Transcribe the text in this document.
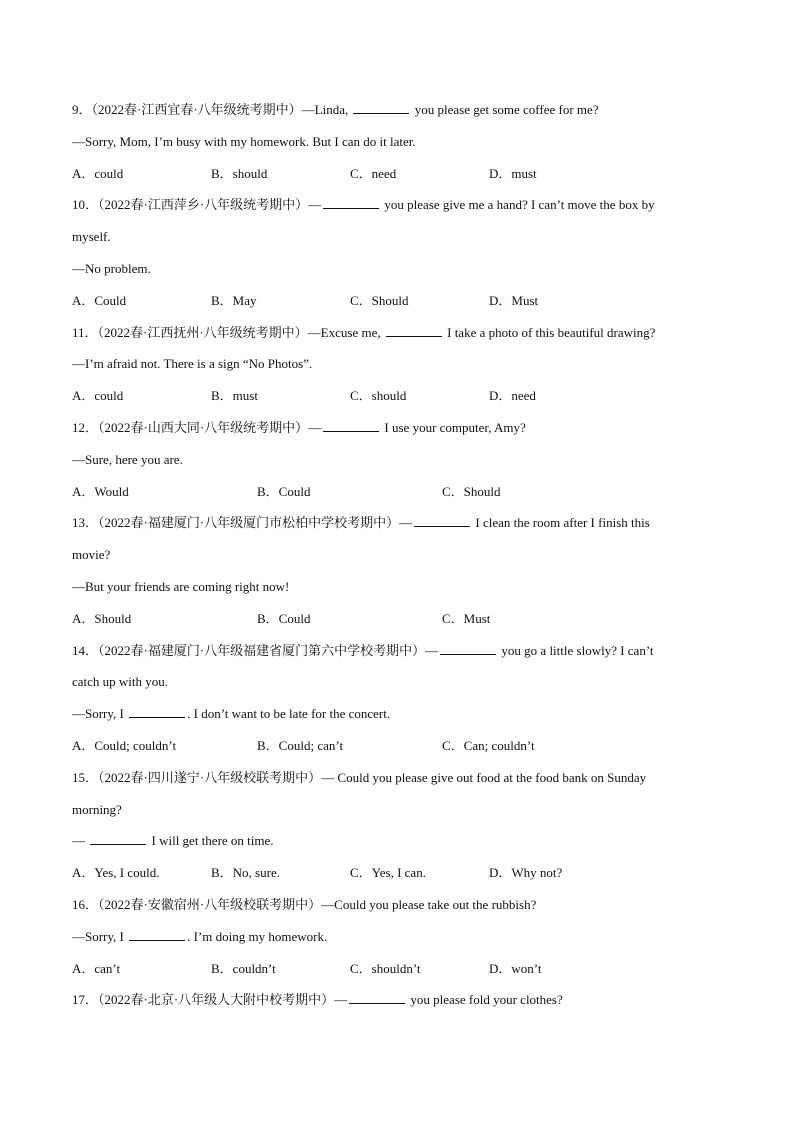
9．（2022春·江西宜春·八年级统考期中）—Linda,	you please get some coffee for me?
—Sorry, Mom, I’m busy with my homework. But I can do it later.
A．could	B．should	C．need	D．must
10．（2022春·江西萍乡·八年级统考期中）—	you please give me a hand? I can’t move the box by
myself.
—No problem.
A．Could	B．May	C．Should	D．Must
11．（2022春·江西抚州·八年级统考期中）—Excuse me,	I take a photo of this beautiful drawing?
—I’m afraid not. There is a sign “No Photos”.
A．could	B．must	C．should	D．need
12．（2022春·山西大同·八年级统考期中）—	I use your computer, Amy?
—Sure, here you are.
A．Would	B．Could	C．Should
13．（2022春·福建厦门·八年级厦门市松柏中学校考期中）—	I clean the room after I finish this
movie?
—But your friends are coming right now!
A．Should	B．Could	C．Must
14．（2022春·福建厦门·八年级福建省厦门第六中学校考期中）—	you go a little slowly? I can’t
catch up with you.
—Sorry, I	. I don’t want to be late for the concert.
A．Could; couldn’t	B．Could; can’t	C．Can; couldn’t
15．（2022春·四川遂宁·八年级校联考期中）— Could you please give out food at the food bank on Sunday
morning?
—	I will get there on time.
A．Yes, I could.	B．No, sure.	C．Yes, I can.	D．Why not?
16．（2022春·安徽宿州·八年级校联考期中）—Could you please take out the rubbish?
—Sorry, I	. I’m doing my homework.
A．can’t	B．couldn’t	C．shouldn’t	D．won’t
17．（2022春·北京·八年级人大附中校考期中）—	you please fold your clothes?
